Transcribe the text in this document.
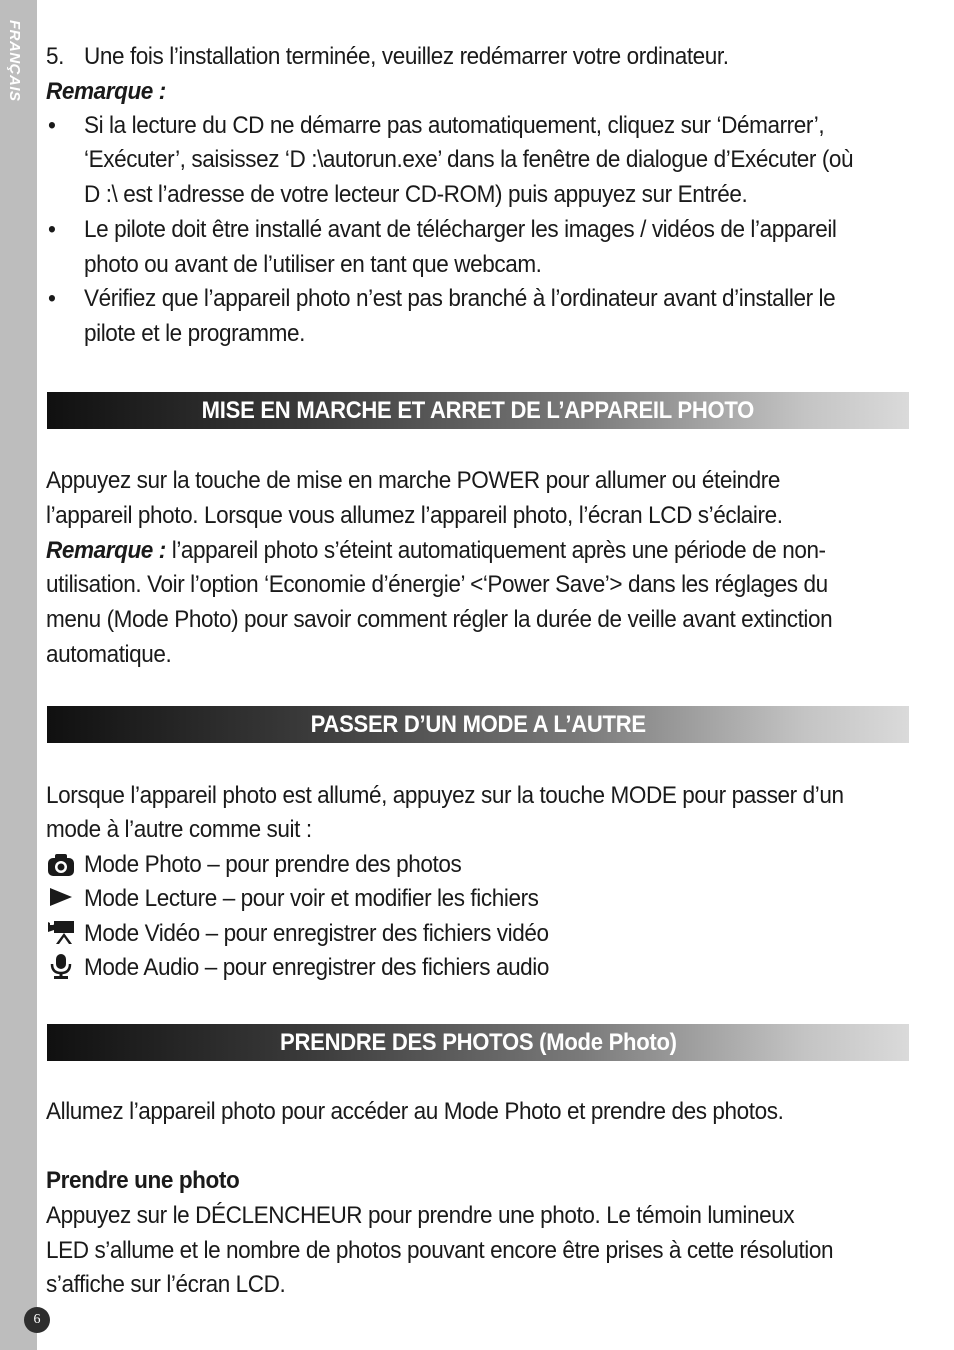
FRANÇAIS 5. Une fois l’installation terminée, veuillez redémarrer votre ordinateur.
Remarque :
• Si la lecture du CD ne démarre pas automatiquement, cliquez sur ‘Démarrer’,
‘Exécuter’, saisissez ‘D :\autorun.exe’ dans la fenêtre de dialogue d’Exécuter (où
D :\ est l’adresse de votre lecteur CD-ROM) puis appuyez sur Entrée.
• Le pilote doit être installé avant de télécharger les images / vidéos de l’appareil
photo ou avant de l’utiliser en tant que webcam.
• Vérifiez que l’appareil photo n’est pas branché à l’ordinateur avant d’installer le
pilote et le programme.
MISE EN MARCHE ET ARRET DE L’APPAREIL PHOTO
Appuyez sur la touche de mise en marche POWER pour allumer ou éteindre
l’appareil photo. Lorsque vous allumez l’appareil photo, l’écran LCD s’éclaire.
Remarque : l’appareil photo s’éteint automatiquement après une période de non-
utilisation. Voir l’option ‘Economie d’énergie’ <‘Power Save’> dans les réglages du
menu (Mode Photo) pour savoir comment régler la durée de veille avant extinction
automatique.
PASSER D’UN MODE A L’AUTRE
Lorsque l’appareil photo est allumé, appuyez sur la touche MODE pour passer d’un
mode à l’autre comme suit :
Mode Photo – pour prendre des photos
Mode Lecture – pour voir et modifier les fichiers
Mode Vidéo – pour enregistrer des fichiers vidéo
Mode Audio – pour enregistrer des fichiers audio
PRENDRE DES PHOTOS (Mode Photo)
Allumez l’appareil photo pour accéder au Mode Photo et prendre des photos.
Prendre une photo
Appuyez sur le DÉCLENCHEUR pour prendre une photo. Le témoin lumineux
LED s’allume et le nombre de photos pouvant encore être prises à cette résolution
s’affiche sur l’écran LCD.
6
